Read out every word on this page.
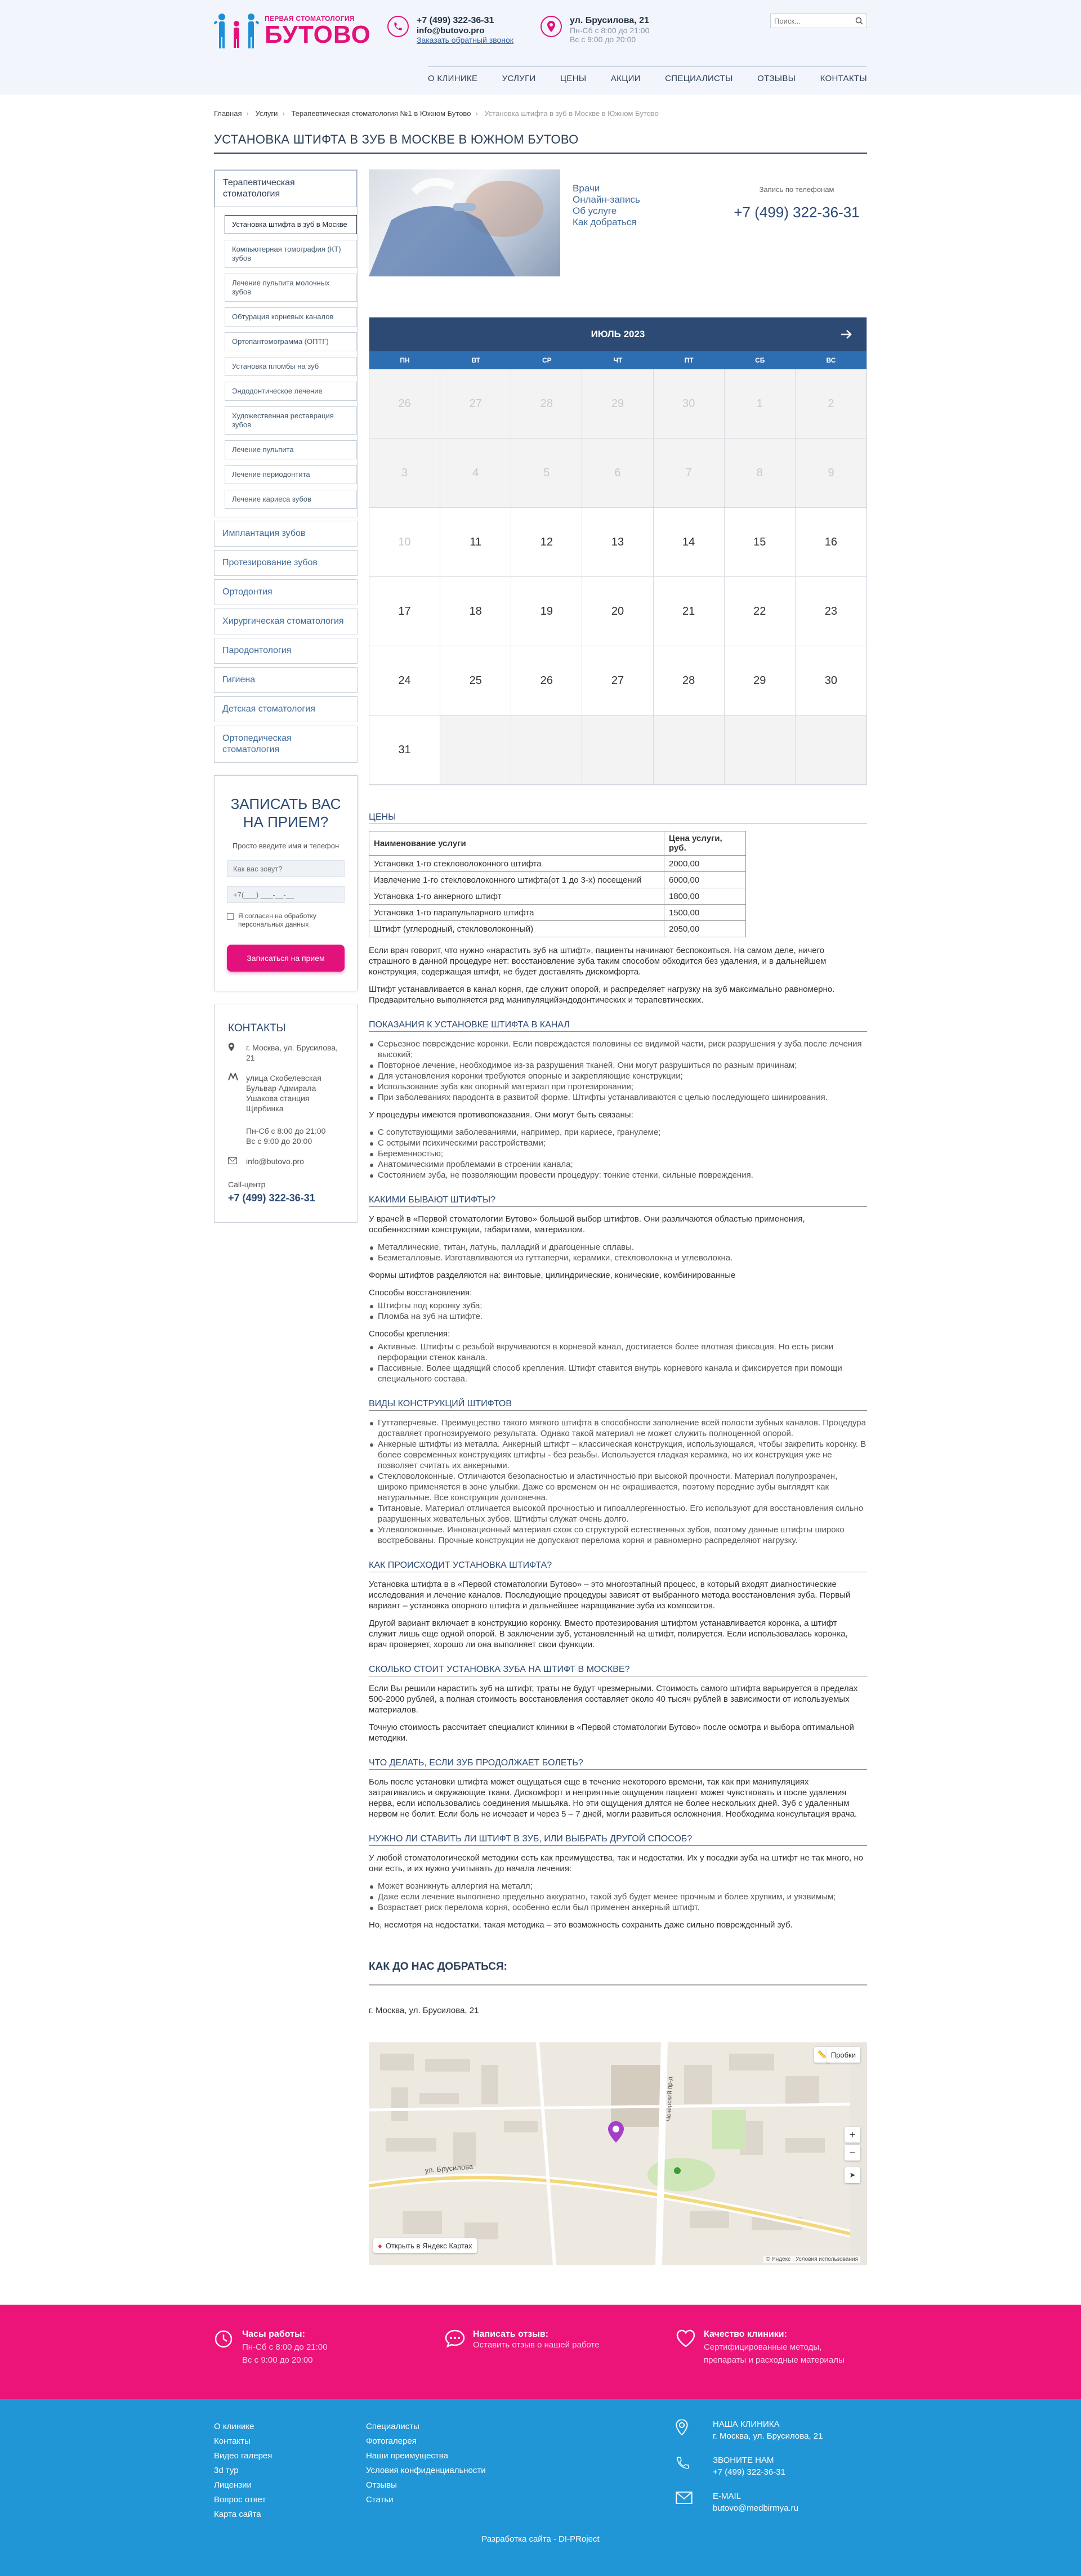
ПЕРВАЯ СТОМАТОЛОГИЯ
БУТОВО
+7 (499) 322-36-31
info@butovo.pro
Заказать обратный звонок
ул. Брусилова, 21
Пн-Сб с 8:00 до 21:00
Вс с 9:00 до 20:00
Поиск...
О КЛИНИКЕ	УСЛУГИ	ЦЕНЫ	АКЦИИ	СПЕЦИАЛИСТЫ	ОТЗЫВЫ	КОНТАКТЫ
Главная › Услуги › Терапевтическая стоматология №1 в Южном Бутово › Установка штифта в зуб в Москве в Южном Бутово
УСТАНОВКА ШТИФТА В ЗУБ В МОСКВЕ В ЮЖНОМ БУТОВО
Терапевтическая стоматология
Установка штифта в зуб в Москве
Компьютерная томография (КТ) зубов
Лечение пульпита молочных зубов
Обтурация корневых каналов
Ортопантомограмма (ОПТГ)
Установка пломбы на зуб
Эндодонтическое лечение
Художественная реставрация зубов
Лечение пульпита
Лечение периодонтита
Лечение кариеса зубов
Имплантация зубов
Протезирование зубов
Ортодонтия
Хирургическая стоматология
Пародонтология
Гигиена
Детская стоматология
Ортопедическая стоматология
ЗАПИСАТЬ ВАС НА ПРИЕМ?
Просто введите имя и телефон
Как вас зовут? +7(___) ___-__-__
Я согласен на обработку персональных данных
Записаться на прием
КОНТАКТЫ
г. Москва, ул. Брусилова, 21
улица Скобелевская Бульвар Адмирала Ушакова станция Щербинка
Пн-Сб с 8:00 до 21:00
Вс с 9:00 до 20:00
info@butovo.pro
Call-центр
+7 (499) 322-36-31
Врачи
Онлайн-запись
Об услуге
Как добраться
Запись по телефонам
+7 (499) 322-36-31
ИЮЛЬ 2023
ПН	ВТ	СР	ЧТ	ПТ	СБ	ВС
26	27	28	29	30	1	2
3	4	5	6	7	8	9
10	11	12	13	14	15	16
17	18	19	20	21	22	23
24	25	26	27	28	29	30
31
ЦЕНЫ
Наименование услуги	Цена услуги, руб.
Установка 1-го стекловолоконного штифта	2000,00
Извлечение 1-го стекловолоконного штифта(от 1 до 3-х) посещений	6000,00
Установка 1-го анкерного штифт	1800,00
Установка 1-го парапульпарного штифта	1500,00
Штифт (углеродный, стекловолоконный)	2050,00

Если врач говорит, что нужно «нарастить зуб на штифт», пациенты начинают беспокоиться. На самом деле, ничего страшного в данной процедуре нет: восстановление зуба таким способом обходится без удаления, и в дальнейшем конструкция, содержащая штифт, не будет доставлять дискомфорта.

Штифт устанавливается в канал корня, где служит опорой, и распределяет нагрузку на зуб максимально равномерно. Предварительно выполняется ряд манипуляцийэндодонтических и терапевтических.

ПОКАЗАНИЯ К УСТАНОВКЕ ШТИФТА В КАНАЛ
Серьезное повреждение коронки. Если повреждается половины ее видимой части, риск разрушения у зуба после лечения высокий;
Повторное лечение, необходимое из-за разрушения тканей. Они могут разрушиться по разным причинам;
Для установления коронки требуются опорные и закрепляющие конструкции;
Использование зуба как опорный материал при протезировании;
При заболеваниях пародонта в развитой форме. Штифты устанавливаются с целью последующего шинирования.

У процедуры имеются противопоказания. Они могут быть связаны:

С сопутствующими заболеваниями, например, при кариесе, гранулеме;
С острыми психическими расстройствами;
Беременностью;
Анатомическими проблемами в строении канала;
Состоянием зуба, не позволяющим провести процедуру: тонкие стенки, сильные повреждения.
КАКИМИ БЫВАЮТ ШТИФТЫ?

У врачей в «Первой стоматологии Бутово» большой выбор штифтов. Они различаются областью применения, особенностями конструкции, габаритами, материалом.

Металлические, титан, латунь, палладий и драгоценные сплавы.
Безметалловые. Изготавливаются из гуттаперчи, керамики, стекловолокна и углеволокна.

Формы штифтов разделяются на: винтовые, цилиндрические, конические, комбинированные

Способы восстановления:

Штифты под коронку зуба;
Пломба на зуб на штифте.

Способы крепления:

Активные. Штифты с резьбой вкручиваются в корневой канал, достигается более плотная фиксация. Но есть риски перфорации стенок канала.
Пассивные. Более щадящий способ крепления. Штифт ставится внутрь корневого канала и фиксируется при помощи специального состава.
ВИДЫ КОНСТРУКЦИЙ ШТИФТОВ
Гуттаперчевые. Преимущество такого мягкого штифта в способности заполнение всей полости зубных каналов. Процедура доставляет прогнозируемого результата. Однако такой материал не может служить полноценной опорой.
Анкерные штифты из металла. Анкерный штифт – классическая конструкция, использующаяся, чтобы закрепить коронку. В более современных конструкциях штифты - без резьбы. Используется гладкая керамика, но их конструкция уже не позволяет считать их анкерными.
Стекловолоконные. Отличаются безопасностью и эластичностью при высокой прочности. Материал полупрозрачен, широко применяется в зоне улыбки. Даже со временем он не окрашивается, поэтому передние зубы выглядят как натуральные. Все конструкция долговечна.
Титановые. Материал отличается высокой прочностью и гипоаллергенностью. Его используют для восстановления сильно разрушенных жевательных зубов. Штифты служат очень долго.
Углеволоконные. Инновационный материал схож со структурой естественных зубов, поэтому данные штифты широко востребованы. Прочные конструкции не допускают перелома корня и равномерно распределяют нагрузку.
КАК ПРОИСХОДИТ УСТАНОВКА ШТИФТА?

Установка штифта в в «Первой стоматологии Бутово» – это многоэтапный процесс, в который входят диагностические исследования и лечение каналов. Последующие процедуры зависят от выбранного метода восстановления зуба. Первый вариант – установка опорного штифта и дальнейшее наращивание зуба из композитов.

Другой вариант включает в конструкцию коронку. Вместо протезирования штифтом устанавливается коронка, а штифт служит лишь еще одной опорой. В заключении зуб, установленный на штифт, полируется. Если использовалась коронка, врач проверяет, хорошо ли она выполняет свои функции.

СКОЛЬКО СТОИТ УСТАНОВКА ЗУБА НА ШТИФТ В МОСКВЕ?

Если Вы решили нарастить зуб на штифт, траты не будут чрезмерными. Стоимость самого штифта варьируется в пределах 500-2000 рублей, а полная стоимость восстановления составляет около 40 тысяч рублей в зависимости от используемых материалов.

Точную стоимость рассчитает специалист клиники в «Первой стоматологии Бутово» после осмотра и выбора оптимальной методики.

ЧТО ДЕЛАТЬ, ЕСЛИ ЗУБ ПРОДОЛЖАЕТ БОЛЕТЬ?

Боль после установки штифта может ощущаться еще в течение некоторого времени, так как при манипуляциях затрагивались и окружающие ткани. Дискомфорт и неприятные ощущения пациент может чувствовать и после удаления нерва, если использовались соединения мышьяка. Но эти ощущения длятся не более нескольких дней. Зуб с удаленным нервом не болит. Если боль не исчезает и через 5 – 7 дней, могли развиться осложнения. Необходима консультация врача.

НУЖНО ЛИ СТАВИТЬ ЛИ ШТИФТ В ЗУБ, ИЛИ ВЫБРАТЬ ДРУГОЙ СПОСОБ?

У любой стоматологической методики есть как преимущества, так и недостатки. Их у посадки зуба на штифт не так много, но они есть, и их нужно учитывать до начала лечения:

Может возникнуть аллергия на металл;
Даже если лечение выполнено предельно аккуратно, такой зуб будет менее прочным и более хрупким, и уязвимым;
Возрастает риск перелома корня, особенно если был применен анкерный штифт.

Но, несмотря на недостатки, такая методика – это возможность сохранить даже сильно поврежденный зуб.

КАК ДО НАС ДОБРАТЬСЯ:
г. Москва, ул. Брусилова, 21
ул. Брусилова
Чечёрский пр-д
📏 Пробки
+
−
➤
● Открыть в Яндекс Картах
© Яндекс · Условия использования
Часы работы:
Пн-Сб с 8:00 до 21:00
Вс с 9:00 до 20:00
Написать отзыв:
Оставить отзыв о нашей работе
Качество клиники:
Сертифицированные методы,
препараты и расходные материалы
О клинике
Контакты
Видео галерея
3d тур
Лицензии
Вопрос ответ
Карта сайта
Специалисты
Фотогалерея
Наши преимущества
Условия конфиденциальности
Отзывы
Статьи
НАША КЛИНИКА
г. Москва, ул. Брусилова, 21
ЗВОНИТЕ НАМ
+7 (499) 322-36-31
E-MAIL
butovo@medbirmya.ru
Разработка сайта - DI-PRoject
